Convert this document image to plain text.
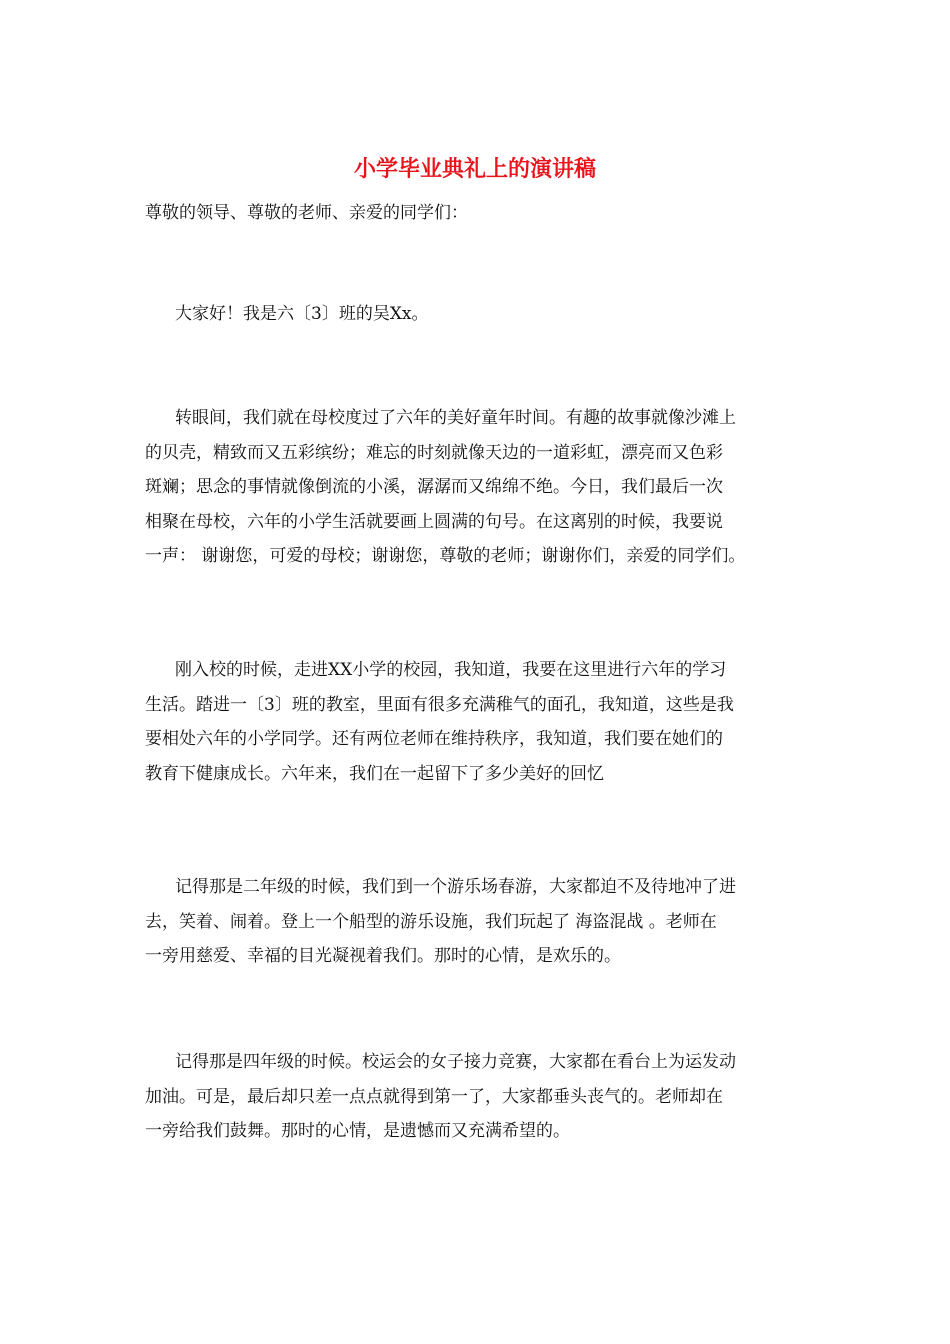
小学毕业典礼上的演讲稿

尊敬的领导、尊敬的老师、亲爱的同学们：

大家好！我是六〔3〕班的吴Xx。
转眼间，我们就在母校度过了六年的美好童年时间。有趣的故事就像沙滩上
的贝壳，精致而又五彩缤纷；难忘的时刻就像天边的一道彩虹，漂亮而又色彩
斑斓；思念的事情就像倒流的小溪，潺潺而又绵绵不绝。今日，我们最后一次
相聚在母校，六年的小学生活就要画上圆满的句号。在这离别的时候，我要说
一声： 谢谢您，可爱的母校；谢谢您，尊敬的老师；谢谢你们，亲爱的同学们。
刚入校的时候，走进XX小学的校园，我知道，我要在这里进行六年的学习
生活。踏进一〔3〕班的教室，里面有很多充满稚气的面孔，我知道，这些是我
要相处六年的小学同学。还有两位老师在维持秩序，我知道，我们要在她们的
教育下健康成长。六年来，我们在一起留下了多少美好的回忆
记得那是二年级的时候，我们到一个游乐场春游，大家都迫不及待地冲了进
去，笑着、闹着。登上一个船型的游乐设施，我们玩起了 海盗混战 。老师在
一旁用慈爱、幸福的目光凝视着我们。那时的心情，是欢乐的。
记得那是四年级的时候。校运会的女子接力竞赛，大家都在看台上为运发动
加油。可是，最后却只差一点点就得到第一了，大家都垂头丧气的。老师却在
一旁给我们鼓舞。那时的心情，是遗憾而又充满希望的。
